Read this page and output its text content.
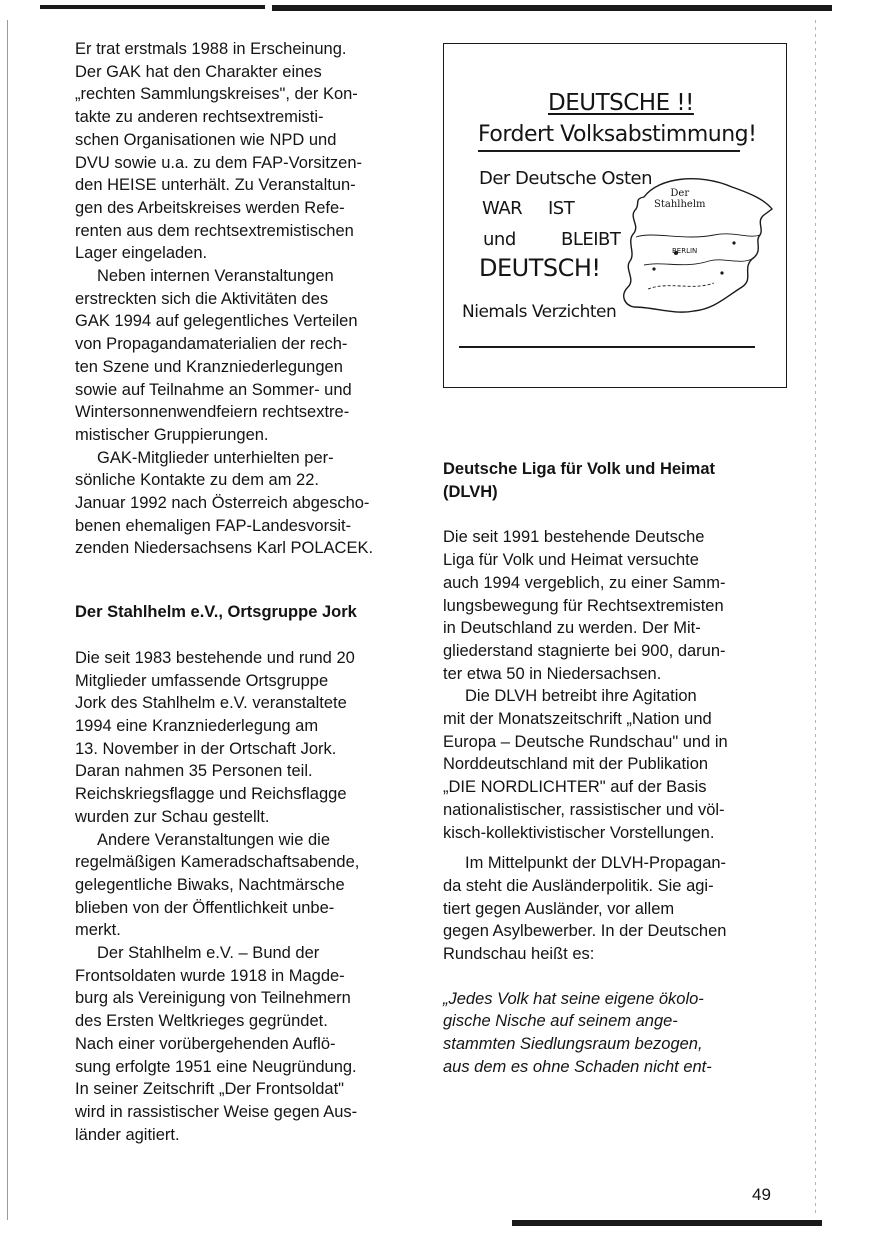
Er trat erstmals 1988 in Erscheinung.

Der GAK hat den Charakter eines

„rechten Sammlungskreises", der Kon-

takte zu anderen rechtsextremisti-

schen Organisationen wie NPD und

DVU sowie u.a. zu dem FAP-Vorsitzen-

den HEISE unterhält. Zu Veranstaltun-

gen des Arbeitskreises werden Refe-

renten aus dem rechtsextremistischen

Lager eingeladen.

Neben internen Veranstaltungen

erstreckten sich die Aktivitäten des

GAK 1994 auf gelegentliches Verteilen

von Propagandamaterialien der rech-

ten Szene und Kranzniederlegungen

sowie auf Teilnahme an Sommer- und

Wintersonnenwendfeiern rechtsextre-

mistischer Gruppierungen.

GAK-Mitglieder unterhielten per-

sönliche Kontakte zu dem am 22.

Januar 1992 nach Österreich abgescho-

benen ehemaligen FAP-Landesvorsit-

zenden Niedersachsens Karl POLACEK.

Der Stahlhelm e.V., Ortsgruppe Jork

Die seit 1983 bestehende und rund 20

Mitglieder umfassende Ortsgruppe

Jork des Stahlhelm e.V. veranstaltete

1994 eine Kranzniederlegung am

13. November in der Ortschaft Jork.

Daran nahmen 35 Personen teil.

Reichskriegsflagge und Reichsflagge

wurden zur Schau gestellt.

Andere Veranstaltungen wie die

regelmäßigen Kameradschaftsabende,

gelegentliche Biwaks, Nachtmärsche

blieben von der Öffentlichkeit unbe-

merkt.

Der Stahlhelm e.V. – Bund der

Frontsoldaten wurde 1918 in Magde-

burg als Vereinigung von Teilnehmern

des Ersten Weltkrieges gegründet.

Nach einer vorübergehenden Auflö-

sung erfolgte 1951 eine Neugründung.

In seiner Zeitschrift „Der Frontsoldat"

wird in rassistischer Weise gegen Aus-

länder agitiert.

DEUTSCHE !!
Fordert Volksabstimmung!
Der Deutsche Osten
WAR IST
und	BLEIBT
DEUTSCH!
Niemals Verzichten
Der
Stahlhelm
BERLIN

Deutsche Liga für Volk und Heimat

(DLVH)

Die seit 1991 bestehende Deutsche

Liga für Volk und Heimat versuchte

auch 1994 vergeblich, zu einer Samm-

lungsbewegung für Rechtsextremisten

in Deutschland zu werden. Der Mit-

gliederstand stagnierte bei 900, darun-

ter etwa 50 in Niedersachsen.

Die DLVH betreibt ihre Agitation

mit der Monatszeitschrift „Nation und

Europa – Deutsche Rundschau" und in

Norddeutschland mit der Publikation

„DIE NORDLICHTER" auf der Basis

nationalistischer, rassistischer und völ-

kisch-kollektivistischer Vorstellungen.

Im Mittelpunkt der DLVH-Propagan-

da steht die Ausländerpolitik. Sie agi-

tiert gegen Ausländer, vor allem

gegen Asylbewerber. In der Deutschen

Rundschau heißt es:

„Jedes Volk hat seine eigene ökolo-

gische Nische auf seinem ange-

stammten Siedlungsraum bezogen,

aus dem es ohne Schaden nicht ent-

49
